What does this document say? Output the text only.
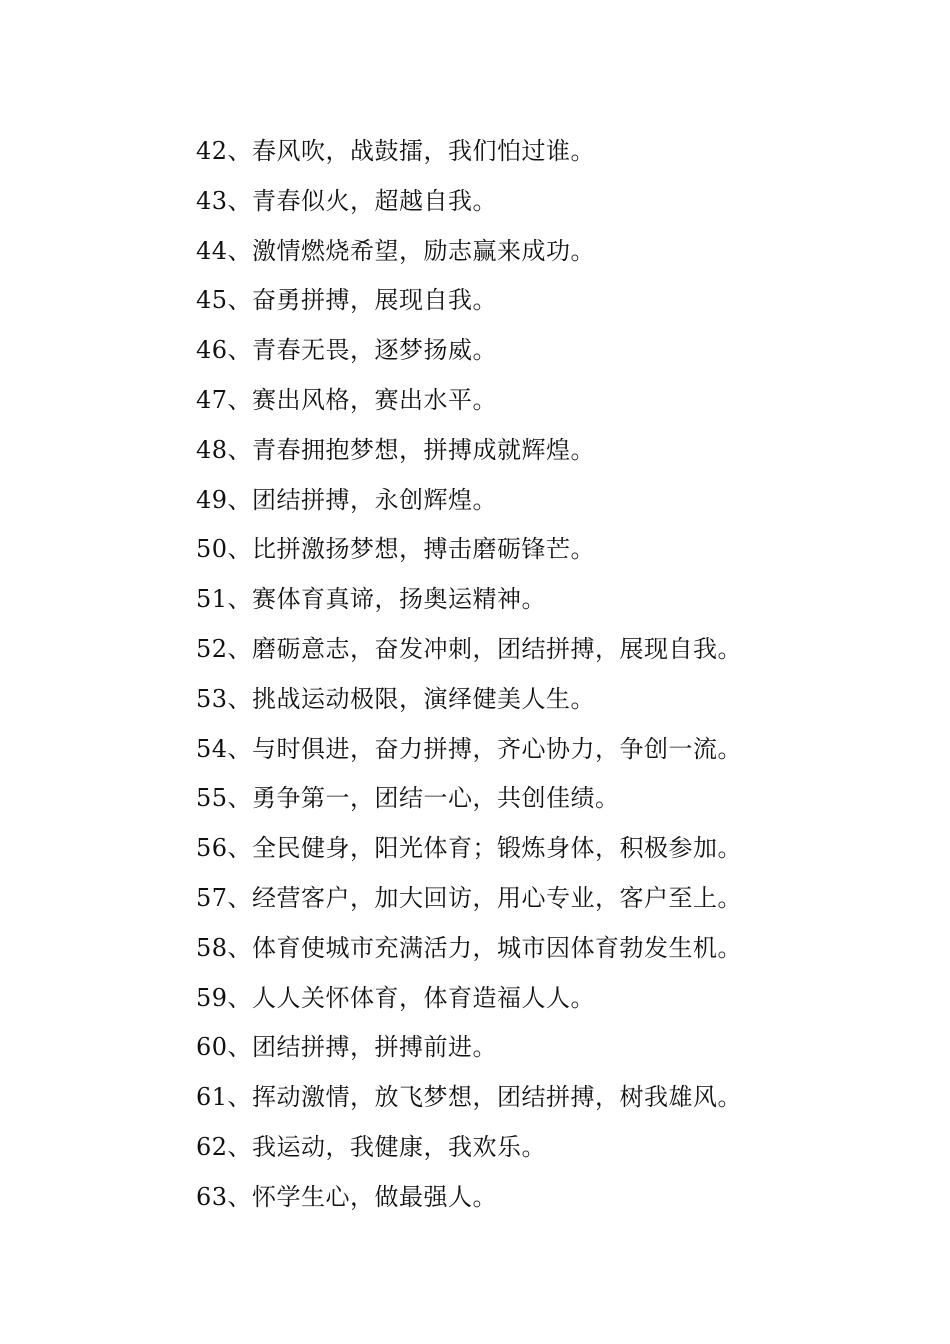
42、春风吹，战鼓擂，我们怕过谁。
43、青春似火，超越自我。
44、激情燃烧希望，励志赢来成功。
45、奋勇拼搏，展现自我。
46、青春无畏，逐梦扬威。
47、赛出风格，赛出水平。
48、青春拥抱梦想，拼搏成就辉煌。
49、团结拼搏，永创辉煌。
50、比拼激扬梦想，搏击磨砺锋芒。
51、赛体育真谛，扬奥运精神。
52、磨砺意志，奋发冲刺，团结拼搏，展现自我。
53、挑战运动极限，演绎健美人生。
54、与时俱进，奋力拼搏，齐心协力，争创一流。
55、勇争第一，团结一心，共创佳绩。
56、全民健身，阳光体育；锻炼身体，积极参加。
57、经营客户，加大回访，用心专业，客户至上。
58、体育使城市充满活力，城市因体育勃发生机。
59、人人关怀体育，体育造福人人。
60、团结拼搏，拼搏前进。
61、挥动激情，放飞梦想，团结拼搏，树我雄风。
62、我运动，我健康，我欢乐。
63、怀学生心，做最强人。
